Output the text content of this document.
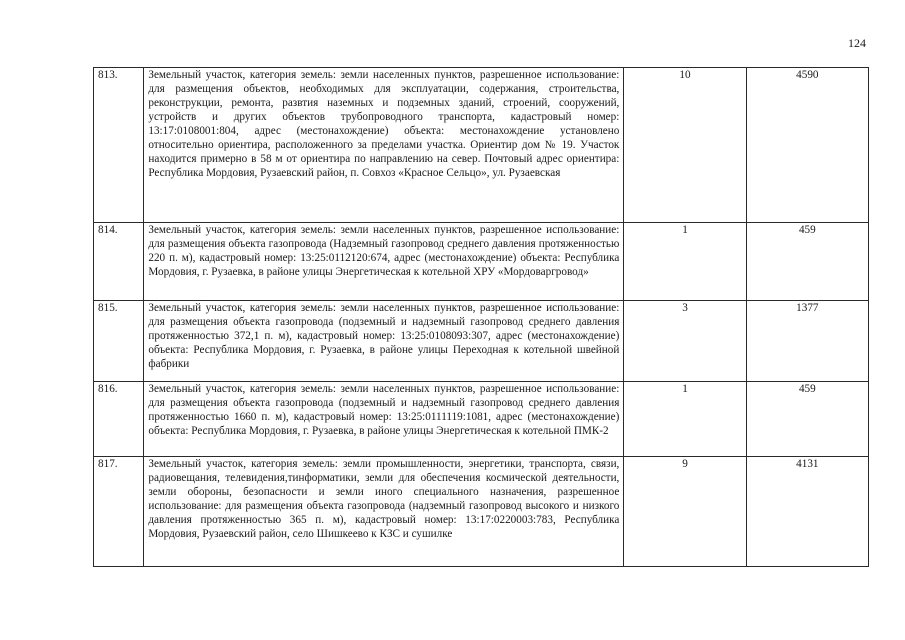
124
813.	Земельный участок, категория земель: земли населенных пунктов, разрешенное использование: для размещения объектов, необходимых для эксплуатации, содержания, строительства, реконструкции, ремонта, развтия наземных и подземных зданий, строений, сооружений, устройств и других объектов трубопроводного транспорта, кадастровый номер: 13:17:0108001:804, адрес (местонахождение) объекта: местонахождение установлено относительно ориентира, расположенного за пределами участка. Ориентир дом № 19. Участок находится примерно в 58 м от ориентира по направлению на север. Почтовый адрес ориентира: Республика Мордовия, Рузаевский район, п. Совхоз «Красное Сельцо», ул. Рузаевская	10	4590
814.	Земельный участок, категория земель: земли населенных пунктов, разрешенное использование: для размещения объекта газопровода (Надземный газопровод среднего давления протяженностью 220 п. м), кадастровый номер: 13:25:0112120:674, адрес (местонахождение) объекта: Республика Мордовия, г. Рузаевка, в районе улицы Энергетическая к котельной ХРУ «Мордоваргровод»	1	459
815.	Земельный участок, категория земель: земли населенных пунктов, разрешенное использование: для размещения объекта газопровода (подземный и надземный газопровод среднего давления протяженностью 372,1 п. м), кадастровый номер: 13:25:0108093:307, адрес (местонахождение) объекта: Республика Мордовия, г. Рузаевка, в районе улицы Переходная к котельной швейной фабрики	3	1377
816.	Земельный участок, категория земель: земли населенных пунктов, разрешенное использование: для размещения объекта газопровода (подземный и надземный газопровод среднего давления протяженностью 1660 п. м), кадастровый номер: 13:25:0111119:1081, адрес (местонахождение) объекта: Республика Мордовия, г. Рузаевка, в районе улицы Энергетическая к котельной ПМК-2	1	459
817.	Земельный участок, категория земель: земли промышленности, энергетики, транспорта, связи, радиовещания, телевидения,тинформатики, земли для обеспечения космической деятельности, земли обороны, безопасности и земли иного специального назначения, разрешенное использование: для размещения объекта газопровода (надземный газопровод высокого и низкого давления протяженностью 365 п. м), кадастровый номер: 13:17:0220003:783, Республика Мордовия, Рузаевский район, село Шишкеево к КЗС и сушилке	9	4131
